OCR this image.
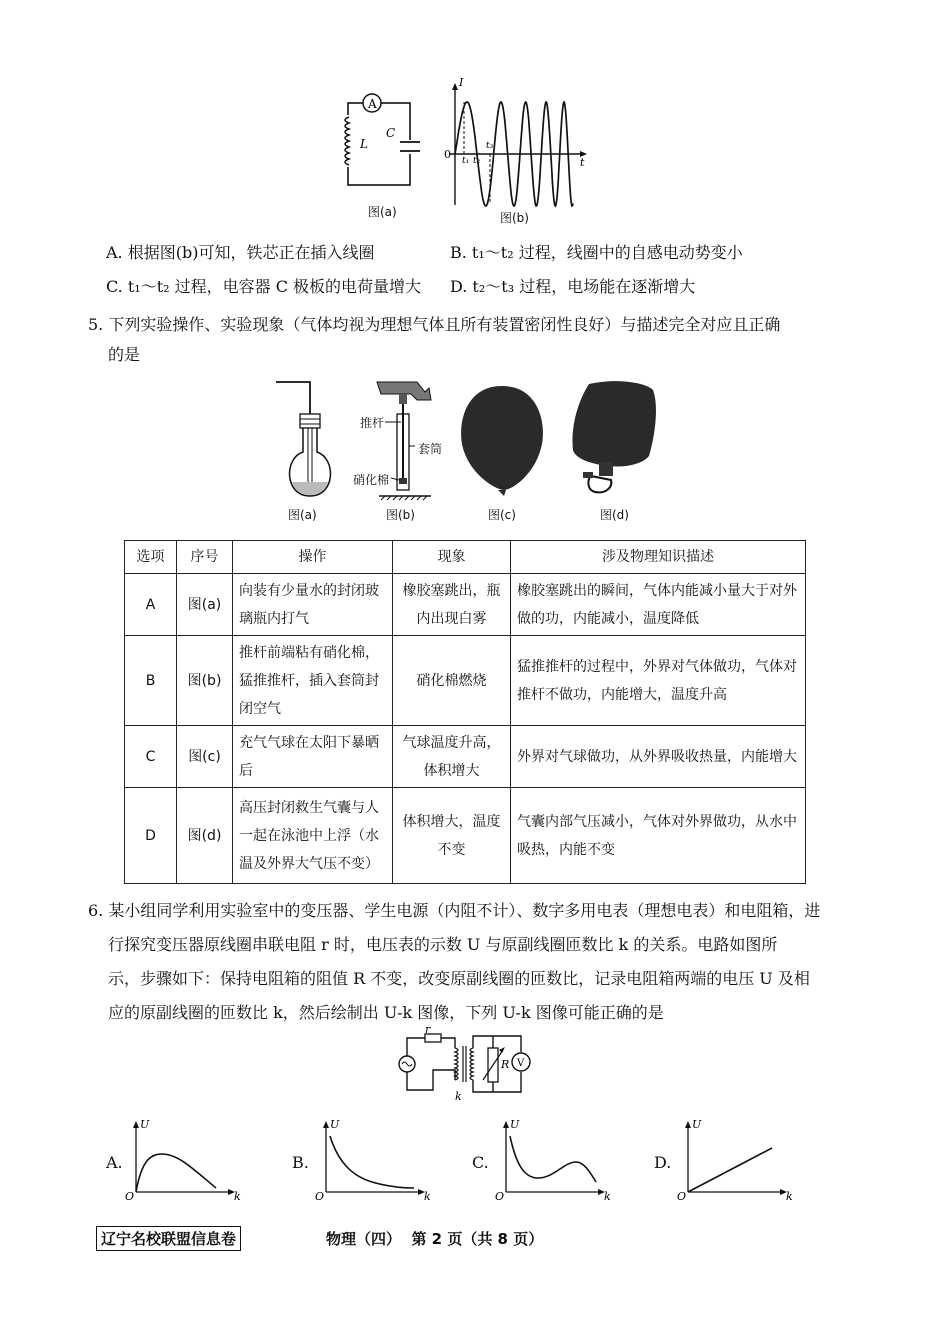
A
L
C
图(a)
I
t
0 t₁ t₂
t₃
图(b)
A. 根据图(b)可知，铁芯正在插入线圈	B. t₁～t₂ 过程，线圈中的自感电动势变小
C. t₁～t₂ 过程，电容器 C 极板的电荷量增大 D. t₂～t₃ 过程，电场能在逐渐增大
5. 下列实验操作、实验现象（气体均视为理想气体且所有装置密闭性良好）与描述完全对应且正确
的是
图(a)
推杆
套筒
硝化棉
图(b)	图(c)	图(d)
选项	序号	操作	现象	涉及物理知识描述
A	图(a)	向装有少量水的封闭玻璃瓶内打气	橡胶塞跳出，瓶内出现白雾	橡胶塞跳出的瞬间，气体内能减小量大于对外做的功，内能减小，温度降低
B	图(b)	推杆前端粘有硝化棉，猛推推杆，插入套筒封闭空气	硝化棉燃烧	猛推推杆的过程中，外界对气体做功，气体对推杆不做功，内能增大，温度升高
C	图(c)	充气气球在太阳下暴晒后	气球温度升高，体积增大	外界对气球做功，从外界吸收热量，内能增大
D	图(d)	高压封闭救生气囊与人一起在泳池中上浮（水温及外界大气压不变）	体积增大，温度不变	气囊内部气压减小，气体对外界做功，从水中吸热，内能不变
6. 某小组同学利用实验室中的变压器、学生电源（内阻不计）、数字多用电表（理想电表）和电阻箱，进
行探究变压器原线圈串联电阻 r 时，电压表的示数 U 与原副线圈匝数比 k 的关系。电路如图所
示，步骤如下：保持电阻箱的阻值 R 不变，改变原副线圈的匝数比，记录电阻箱两端的电压 U 及相
应的原副线圈的匝数比 k，然后绘制出 U-k 图像，下列 U-k 图像可能正确的是
r
k
R V
A.
U
k
O
B.
U
k
O
C.
U
k
O
D.
U
k
O
辽宁名校联盟信息卷	物理（四）  第 2 页（共 8 页）
